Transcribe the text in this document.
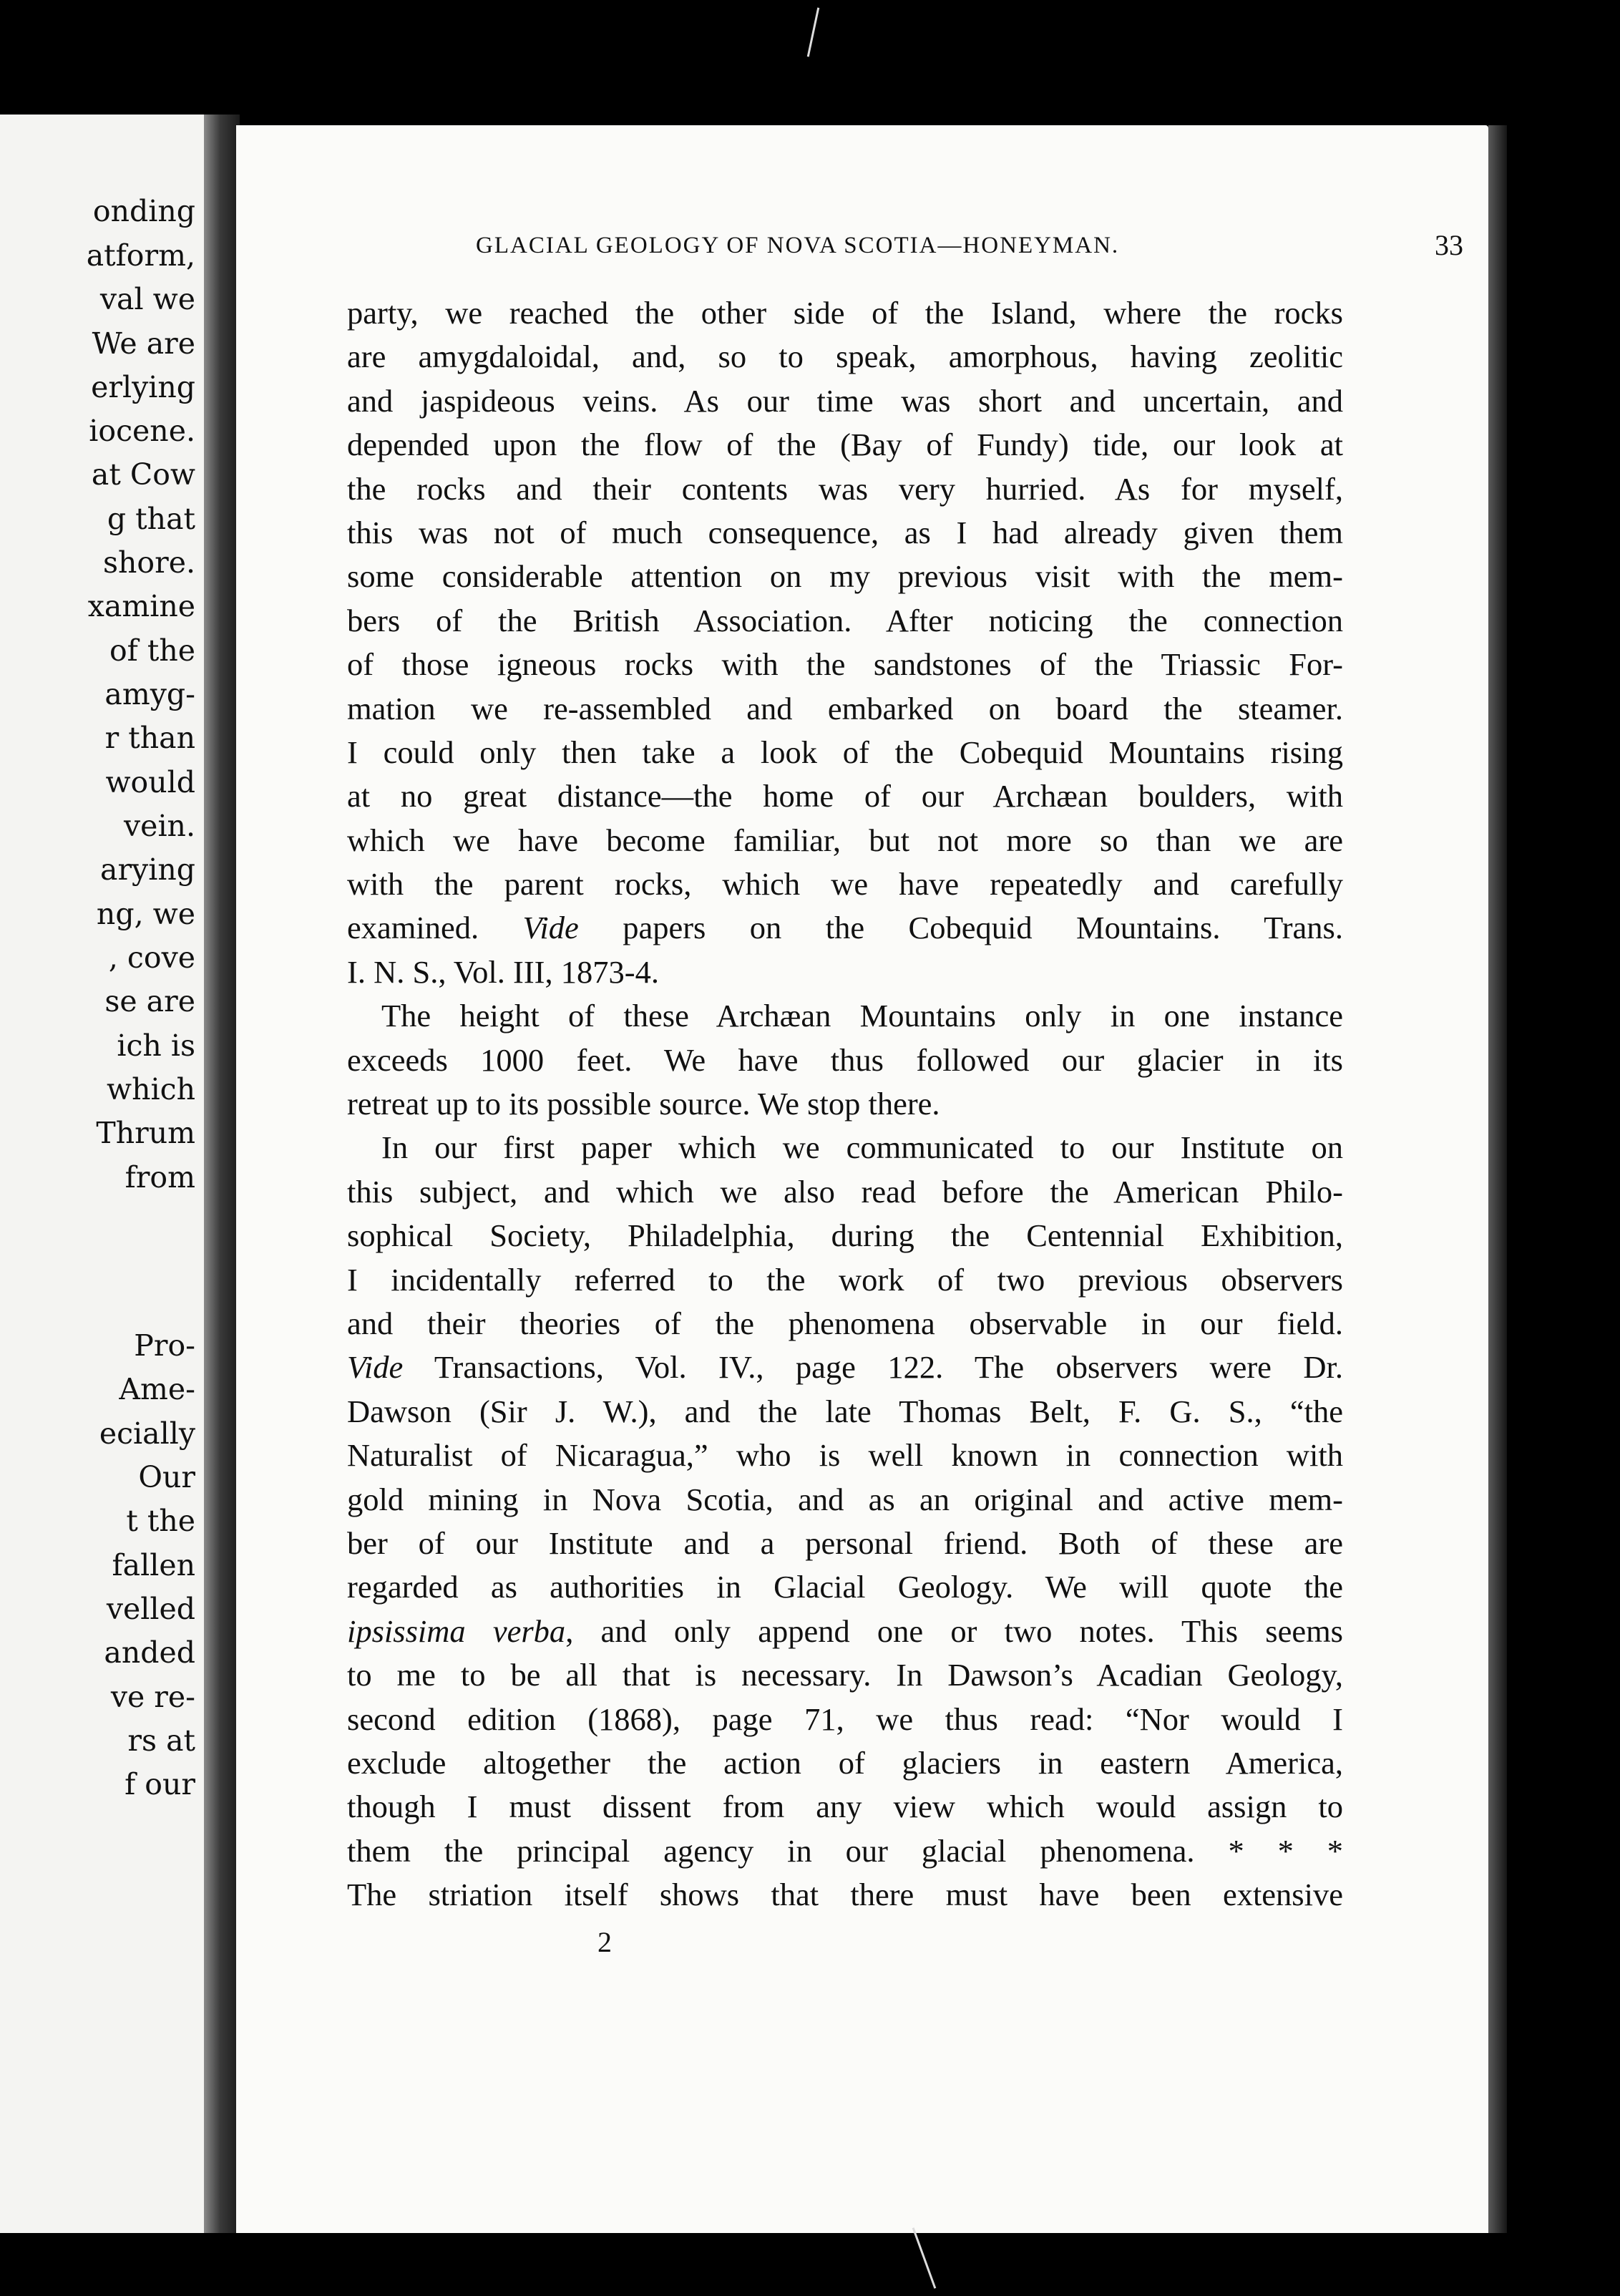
onding
atform,
val we
We are
erlying
iocene.
at Cow
g that
shore.
xamine
of the
amyg-
r than
would
vein.
arying
ng, we
, cove
se are
ich is
which
Thrum
from
Pro-
Ame-
ecially
Our
t the
fallen
velled
anded
ve re-
rs at
f our
GLACIAL GEOLOGY OF NOVA SCOTIA—HONEYMAN.	33
party, we reached the other side of the Island, where the rocks
are amygdaloidal, and, so to speak, amorphous, having zeolitic
and jaspideous veins. As our time was short and uncertain, and
depended upon the flow of the (Bay of Fundy) tide, our look at
the rocks and their contents was very hurried. As for myself,
this was not of much consequence, as I had already given them
some considerable attention on my previous visit with the mem-
bers of the British Association. After noticing the connection
of those igneous rocks with the sandstones of the Triassic For-
mation we re-assembled and embarked on board the steamer.
I could only then take a look of the Cobequid Mountains rising
at no great distance—the home of our Archæan boulders, with
which we have become familiar, but not more so than we are
with the parent rocks, which we have repeatedly and carefully
examined. Vide papers on the Cobequid Mountains. Trans.
I. N. S., Vol. III, 1873-4.
The height of these Archæan Mountains only in one instance
exceeds 1000 feet. We have thus followed our glacier in its
retreat up to its possible source. We stop there.
In our first paper which we communicated to our Institute on
this subject, and which we also read before the American Philo-
sophical Society, Philadelphia, during the Centennial Exhibition,
I incidentally referred to the work of two previous observers
and their theories of the phenomena observable in our field.
Vide Transactions, Vol. IV., page 122. The observers were Dr.
Dawson (Sir J. W.), and the late Thomas Belt, F. G. S., “the
Naturalist of Nicaragua,” who is well known in connection with
gold mining in Nova Scotia, and as an original and active mem-
ber of our Institute and a personal friend. Both of these are
regarded as authorities in Glacial Geology. We will quote the
ipsissima verba, and only append one or two notes. This seems
to me to be all that is necessary. In Dawson’s Acadian Geology,
second edition (1868), page 71, we thus read: “Nor would I
exclude altogether the action of glaciers in eastern America,
though I must dissent from any view which would assign to
them the principal agency in our glacial phenomena. * * *
The striation itself shows that there must have been extensive
2
